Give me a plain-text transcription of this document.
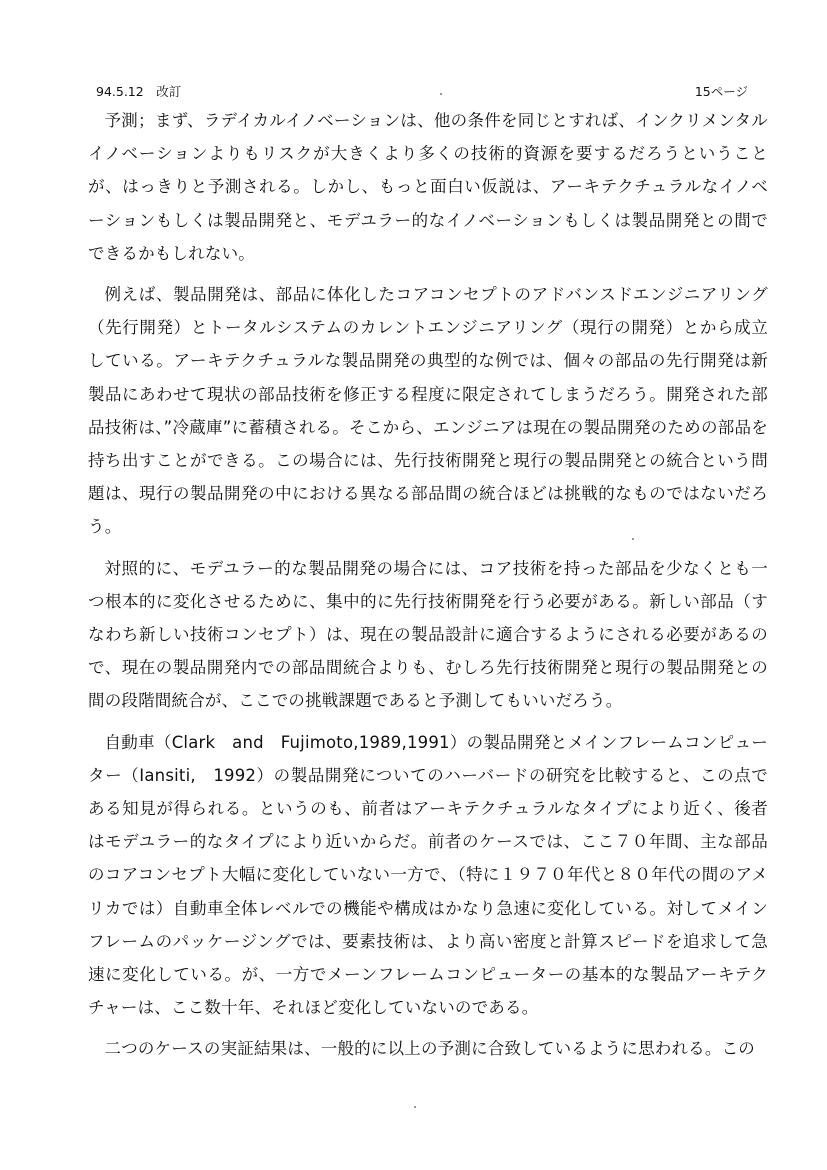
94.5.12　改訂	15ページ

予測；まず、ラデイカルイノベーションは、他の条件を同じとすれば、インクリメンタルイノベーションよりもリスクが大きくより多くの技術的資源を要するだろうということが、はっきりと予測される。しかし、もっと面白い仮説は、アーキテクチュラルなイノベーションもしくは製品開発と、モデユラー的なイノベーションもしくは製品開発との間でできるかもしれない。

例えば、製品開発は、部品に体化したコアコンセプトのアドバンスドエンジニアリング（先行開発）とトータルシステムのカレントエンジニアリング（現行の開発）とから成立している。アーキテクチュラルな製品開発の典型的な例では、個々の部品の先行開発は新製品にあわせて現状の部品技術を修正する程度に限定されてしまうだろう。開発された部品技術は、”冷蔵庫”に蓄積される。そこから、エンジニアは現在の製品開発のための部品を持ち出すことができる。この場合には、先行技術開発と現行の製品開発との統合という問題は、現行の製品開発の中における異なる部品間の統合ほどは挑戦的なものではないだろう。

対照的に、モデユラー的な製品開発の場合には、コア技術を持った部品を少なくとも一つ根本的に変化させるために、集中的に先行技術開発を行う必要がある。新しい部品（すなわち新しい技術コンセプト）は、現在の製品設計に適合するようにされる必要があるので、現在の製品開発内での部品間統合よりも、むしろ先行技術開発と現行の製品開発との間の段階間統合が、ここでの挑戦課題であると予測してもいいだろう。

自動車（Clark　and　Fujimoto,1989,1991）の製品開発とメインフレームコンピューター（Iansiti,　1992）の製品開発についてのハーバードの研究を比較すると、この点である知見が得られる。というのも、前者はアーキテクチュラルなタイプにより近く、後者はモデユラー的なタイプにより近いからだ。前者のケースでは、ここ７０年間、主な部品のコアコンセプト大幅に変化していない一方で、（特に１９７０年代と８０年代の間のアメリカでは）自動車全体レベルでの機能や構成はかなり急速に変化している。対してメインフレームのパッケージングでは、要素技術は、より高い密度と計算スピードを追求して急速に変化している。が、一方でメーンフレームコンピューターの基本的な製品アーキテクチャーは、ここ数十年、それほど変化していないのである。

二つのケースの実証結果は、一般的に以上の予測に合致しているように思われる。この
